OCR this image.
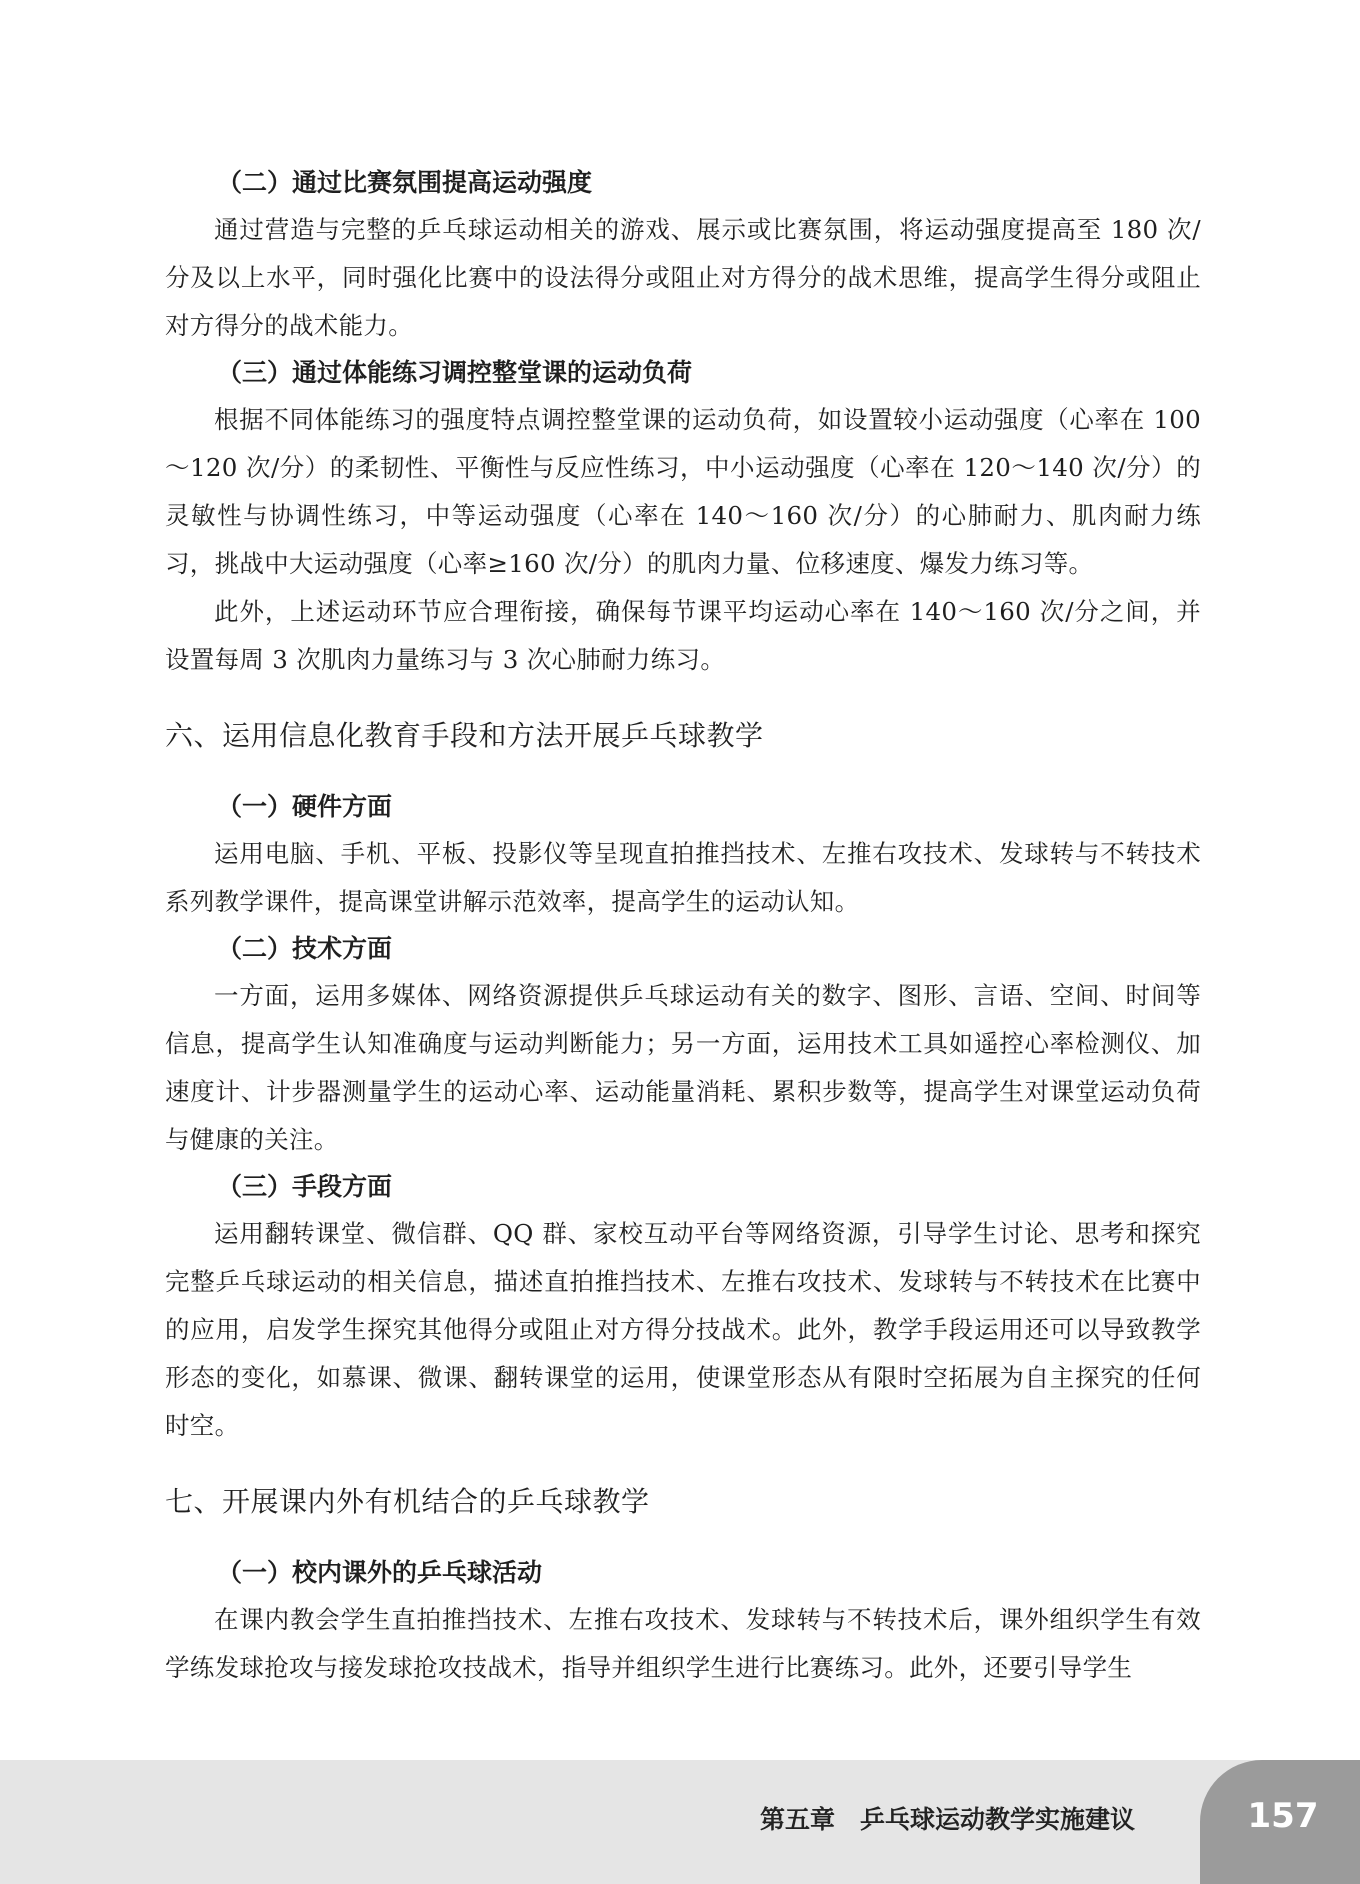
（二）通过比赛氛围提高运动强度

通过营造与完整的乒乓球运动相关的游戏、展示或比赛氛围，将运动强度提高至 180 次/分及以上水平，同时强化比赛中的设法得分或阻止对方得分的战术思维，提高学生得分或阻止对方得分的战术能力。

（三）通过体能练习调控整堂课的运动负荷

根据不同体能练习的强度特点调控整堂课的运动负荷，如设置较小运动强度（心率在 100～120 次/分）的柔韧性、平衡性与反应性练习，中小运动强度（心率在 120～140 次/分）的灵敏性与协调性练习，中等运动强度（心率在 140～160 次/分）的心肺耐力、肌肉耐力练习，挑战中大运动强度（心率≥160 次/分）的肌肉力量、位移速度、爆发力练习等。

此外，上述运动环节应合理衔接，确保每节课平均运动心率在 140～160 次/分之间，并设置每周 3 次肌肉力量练习与 3 次心肺耐力练习。

六、运用信息化教育手段和方法开展乒乓球教学
（一）硬件方面

运用电脑、手机、平板、投影仪等呈现直拍推挡技术、左推右攻技术、发球转与不转技术系列教学课件，提高课堂讲解示范效率，提高学生的运动认知。

（二）技术方面

一方面，运用多媒体、网络资源提供乒乓球运动有关的数字、图形、言语、空间、时间等信息，提高学生认知准确度与运动判断能力；另一方面，运用技术工具如遥控心率检测仪、加速度计、计步器测量学生的运动心率、运动能量消耗、累积步数等，提高学生对课堂运动负荷与健康的关注。

（三）手段方面

运用翻转课堂、微信群、QQ 群、家校互动平台等网络资源，引导学生讨论、思考和探究完整乒乓球运动的相关信息，描述直拍推挡技术、左推右攻技术、发球转与不转技术在比赛中的应用，启发学生探究其他得分或阻止对方得分技战术。此外，教学手段运用还可以导致教学形态的变化，如慕课、微课、翻转课堂的运用，使课堂形态从有限时空拓展为自主探究的任何时空。

七、开展课内外有机结合的乒乓球教学
（一）校内课外的乒乓球活动

在课内教会学生直拍推挡技术、左推右攻技术、发球转与不转技术后，课外组织学生有效学练发球抢攻与接发球抢攻技战术，指导并组织学生进行比赛练习。此外，还要引导学生

第五章　乒乓球运动教学实施建议	157
